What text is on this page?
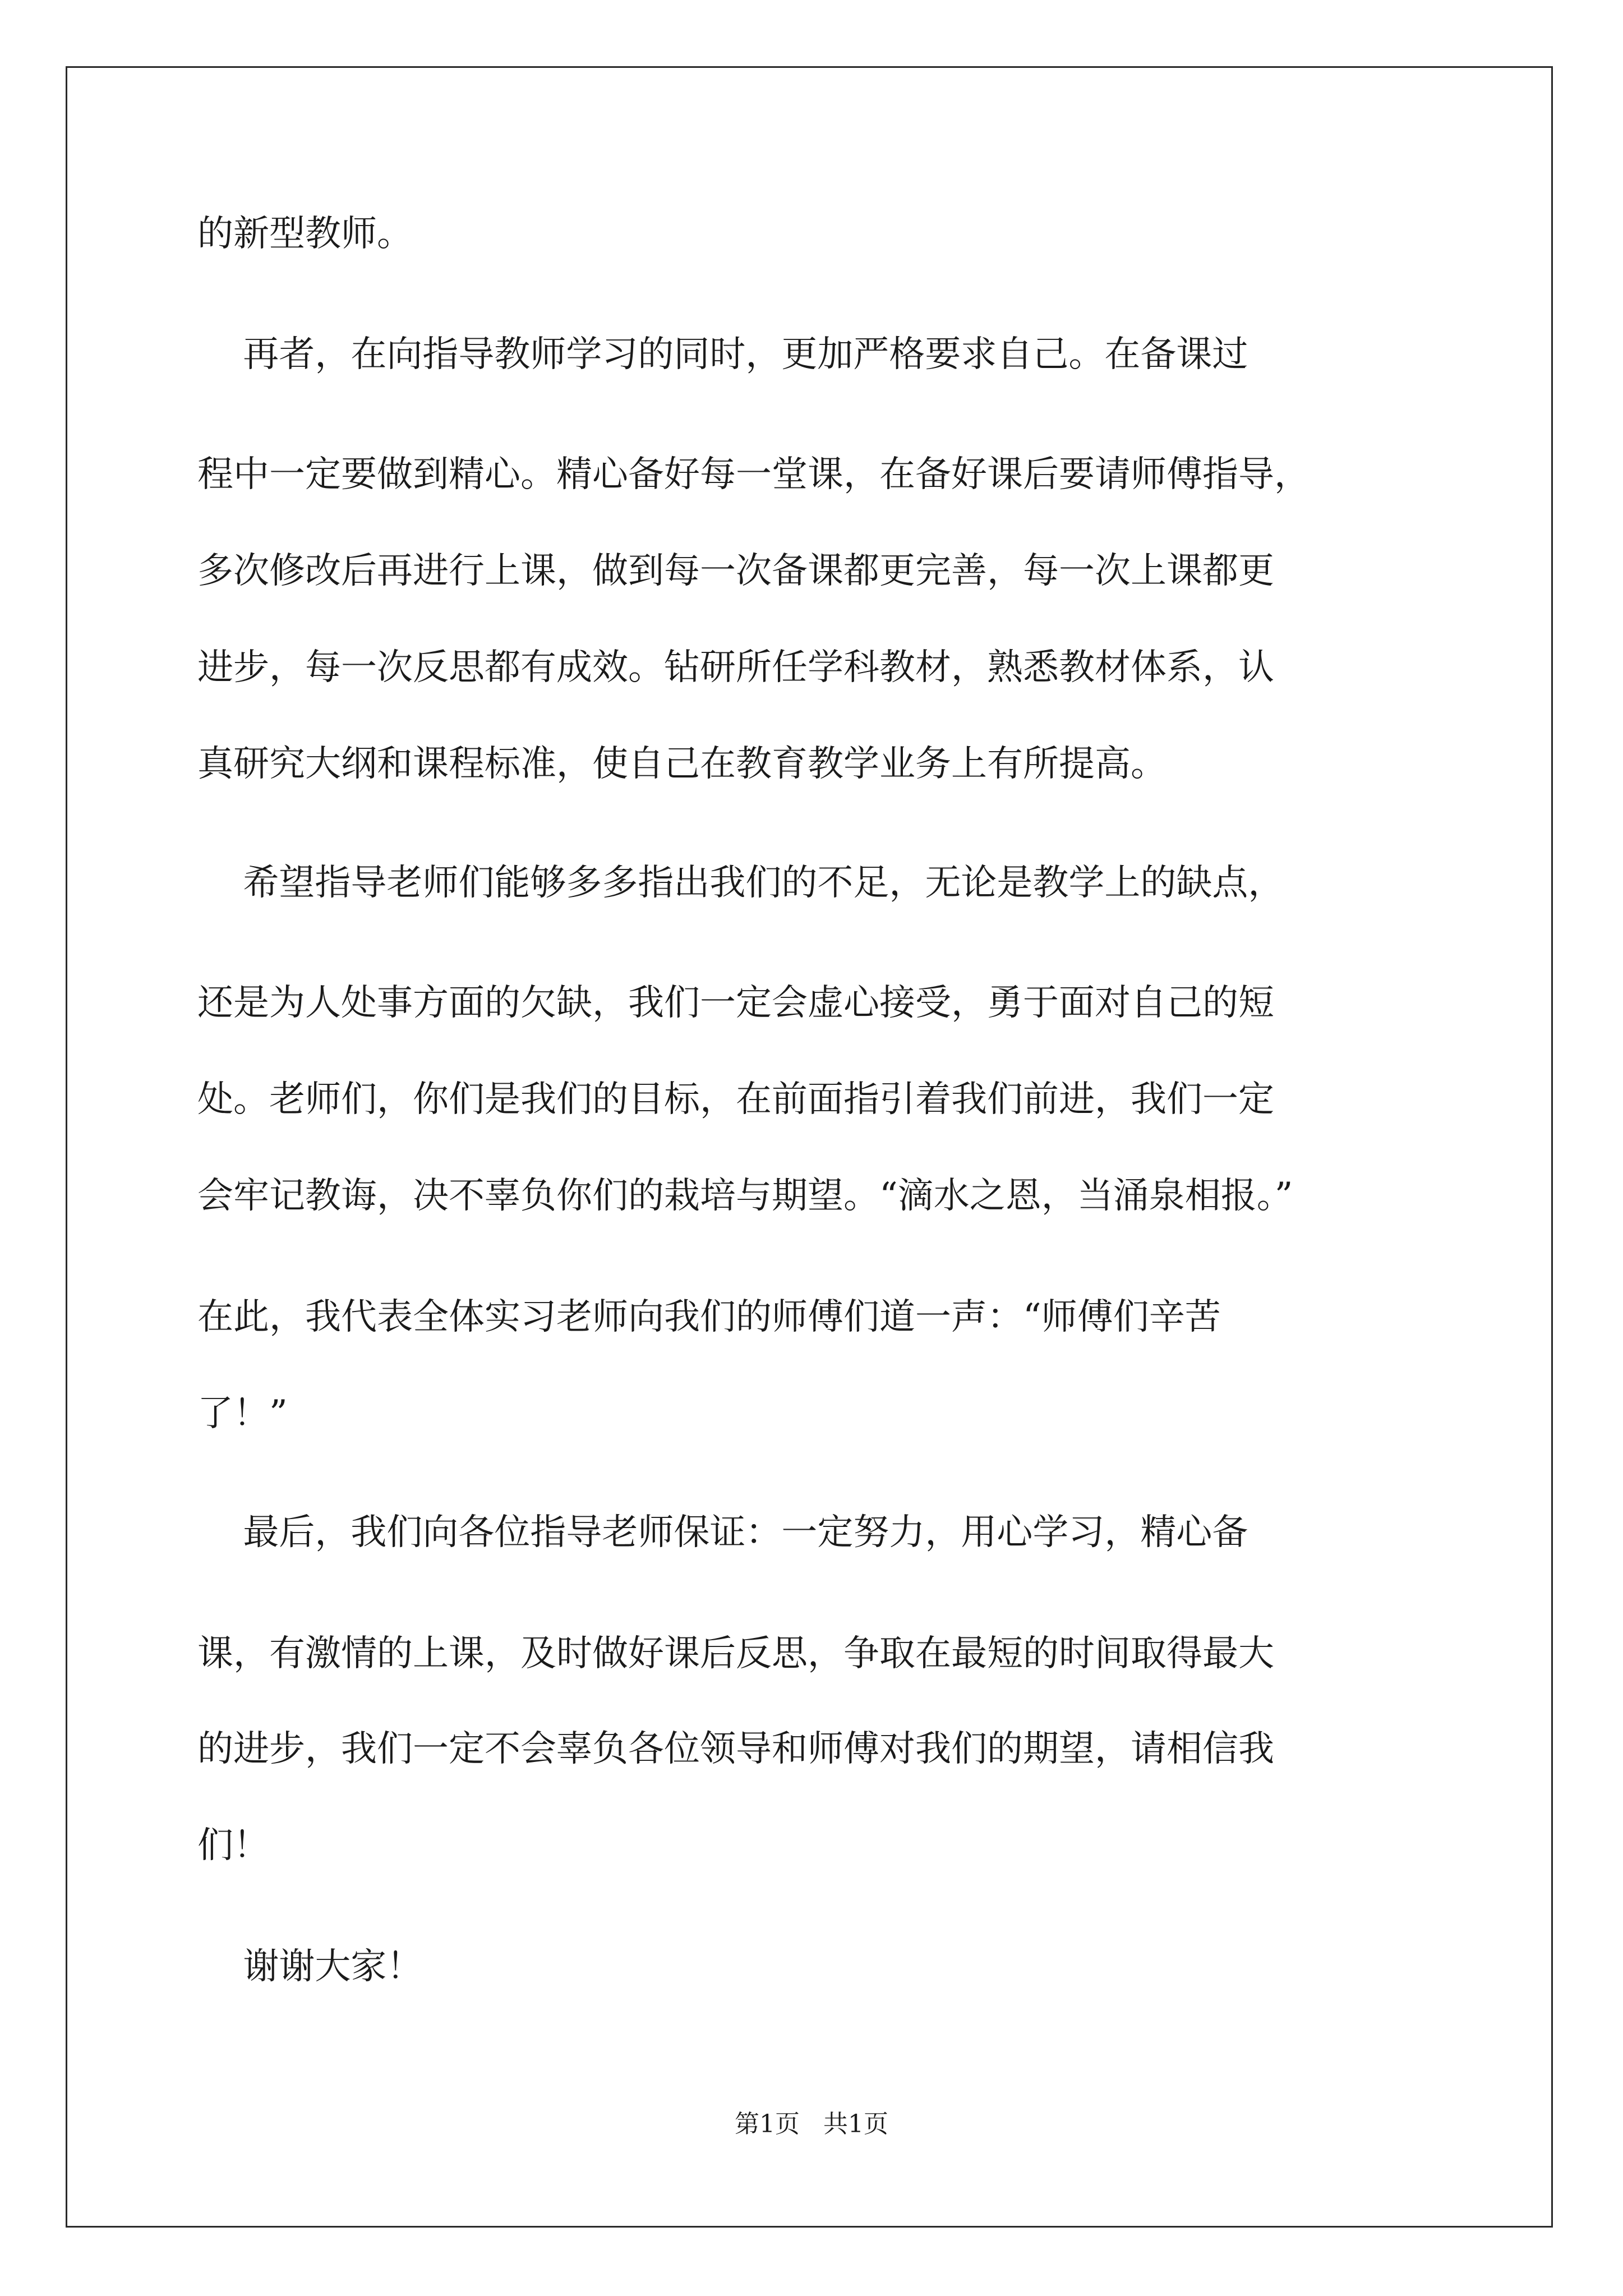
的新型教师。
再者，在向指导教师学习的同时，更加严格要求自己。在备课过
程中一定要做到精心。精心备好每一堂课，在备好课后要请师傅指导，
多次修改后再进行上课，做到每一次备课都更完善，每一次上课都更
进步，每一次反思都有成效。钻研所任学科教材，熟悉教材体系，认
真研究大纲和课程标准，使自己在教育教学业务上有所提高。
希望指导老师们能够多多指出我们的不足，无论是教学上的缺点，
还是为人处事方面的欠缺，我们一定会虚心接受，勇于面对自己的短
处。老师们，你们是我们的目标，在前面指引着我们前进，我们一定
会牢记教诲，决不辜负你们的栽培与期望。“滴水之恩，当涌泉相报。”
在此，我代表全体实习老师向我们的师傅们道一声：“师傅们辛苦
了！”
最后，我们向各位指导老师保证：一定努力，用心学习，精心备
课，有激情的上课，及时做好课后反思，争取在最短的时间取得最大
的进步，我们一定不会辜负各位领导和师傅对我们的期望，请相信我
们！
谢谢大家！
第1页   共1页
